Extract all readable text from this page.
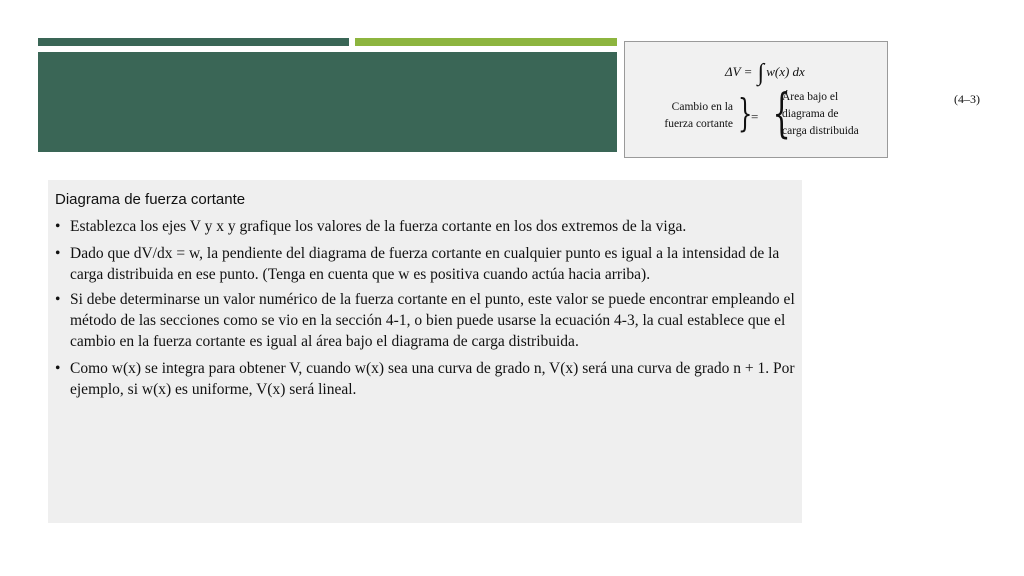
ΔV = ∫ w(x) dx
Cambio en la
fuerza cortante }
= {
Área bajo el
diagrama de
carga distribuida
(4–3)
Diagrama de fuerza cortante
• Establezca los ejes V y x y grafique los valores de la fuerza cortante en los dos extremos de la viga.
• Dado que dV/dx = w, la pendiente del diagrama de fuerza cortante en cualquier punto es igual a la intensidad de la carga distribuida en ese punto. (Tenga en cuenta que w es positiva cuando actúa hacia arriba).
• Si debe determinarse un valor numérico de la fuerza cortante en el punto, este valor se puede encontrar empleando el método de las secciones como se vio en la sección 4-1, o bien puede usarse la ecuación 4-3, la cual establece que el cambio en la fuerza cortante es igual al área bajo el diagrama de carga distribuida.
• Como w(x) se integra para obtener V, cuando w(x) sea una curva de grado n, V(x) será una curva de grado n + 1. Por ejemplo, si w(x) es uniforme, V(x) será lineal.
